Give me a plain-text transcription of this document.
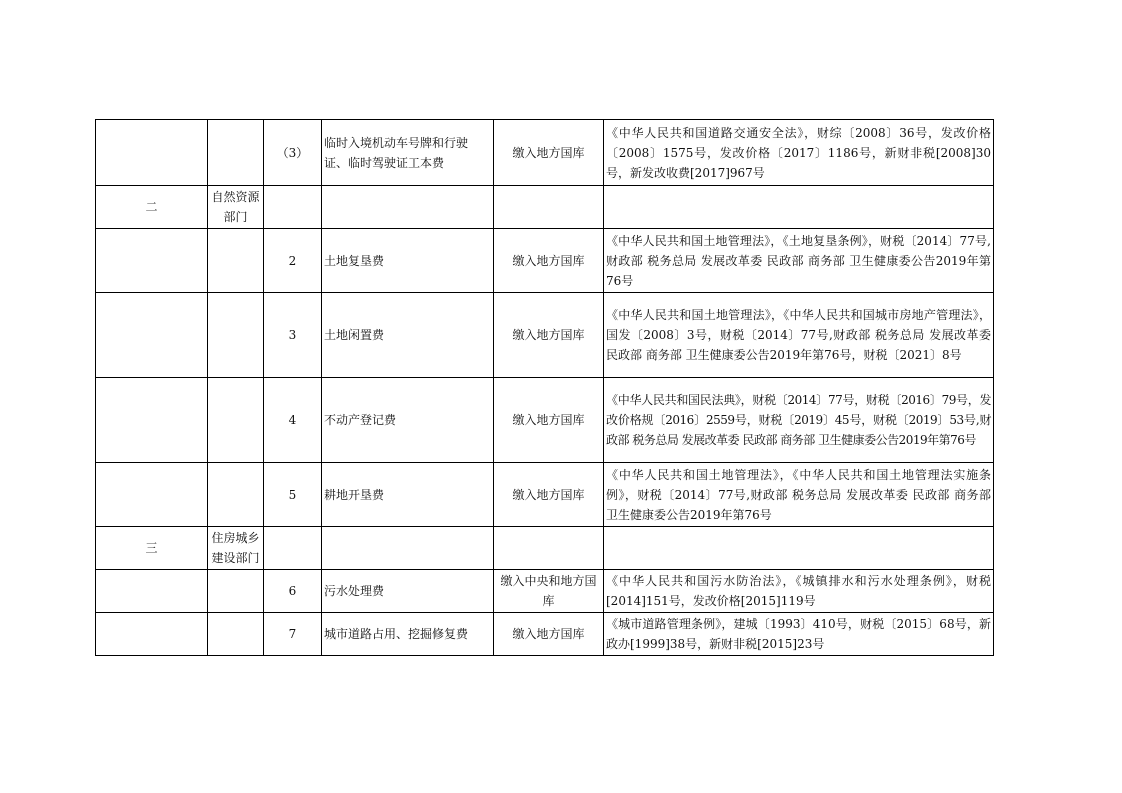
		（3）	临时入境机动车号牌和行驶证、临时驾驶证工本费	缴入地方国库	《中华人民共和国道路交通安全法》，财综〔2008〕36号，发改价格〔2008〕1575号，发改价格〔2017〕1186号，新财非税[2008]30号，新发改收费[2017]967号
二	自然资源部门				
		2	土地复垦费	缴入地方国库	《中华人民共和国土地管理法》，《土地复垦条例》，财税〔2014〕77号,财政部 税务总局 发展改革委 民政部 商务部 卫生健康委公告2019年第76号
		3	土地闲置费	缴入地方国库	《中华人民共和国土地管理法》，《中华人民共和国城市房地产管理法》，国发〔2008〕3号，财税〔2014〕77号,财政部 税务总局 发展改革委 民政部 商务部 卫生健康委公告2019年第76号，财税〔2021〕8号
		4	不动产登记费	缴入地方国库	《中华人民共和国民法典》，财税〔2014〕77号，财税〔2016〕79号，发改价格规〔2016〕2559号，财税〔2019〕45号，财税〔2019〕53号,财政部 税务总局 发展改革委 民政部 商务部 卫生健康委公告2019年第76号
		5	耕地开垦费	缴入地方国库	《中华人民共和国土地管理法》，《中华人民共和国土地管理法实施条例》，财税〔2014〕77号,财政部 税务总局 发展改革委 民政部 商务部 卫生健康委公告2019年第76号
三	住房城乡建设部门				
		6	污水处理费	缴入中央和地方国库	《中华人民共和国污水防治法》，《城镇排水和污水处理条例》，财税[2014]151号，发改价格[2015]119号
		7	城市道路占用、挖掘修复费	缴入地方国库	《城市道路管理条例》，建城〔1993〕410号，财税〔2015〕68号，新政办[1999]38号，新财非税[2015]23号
